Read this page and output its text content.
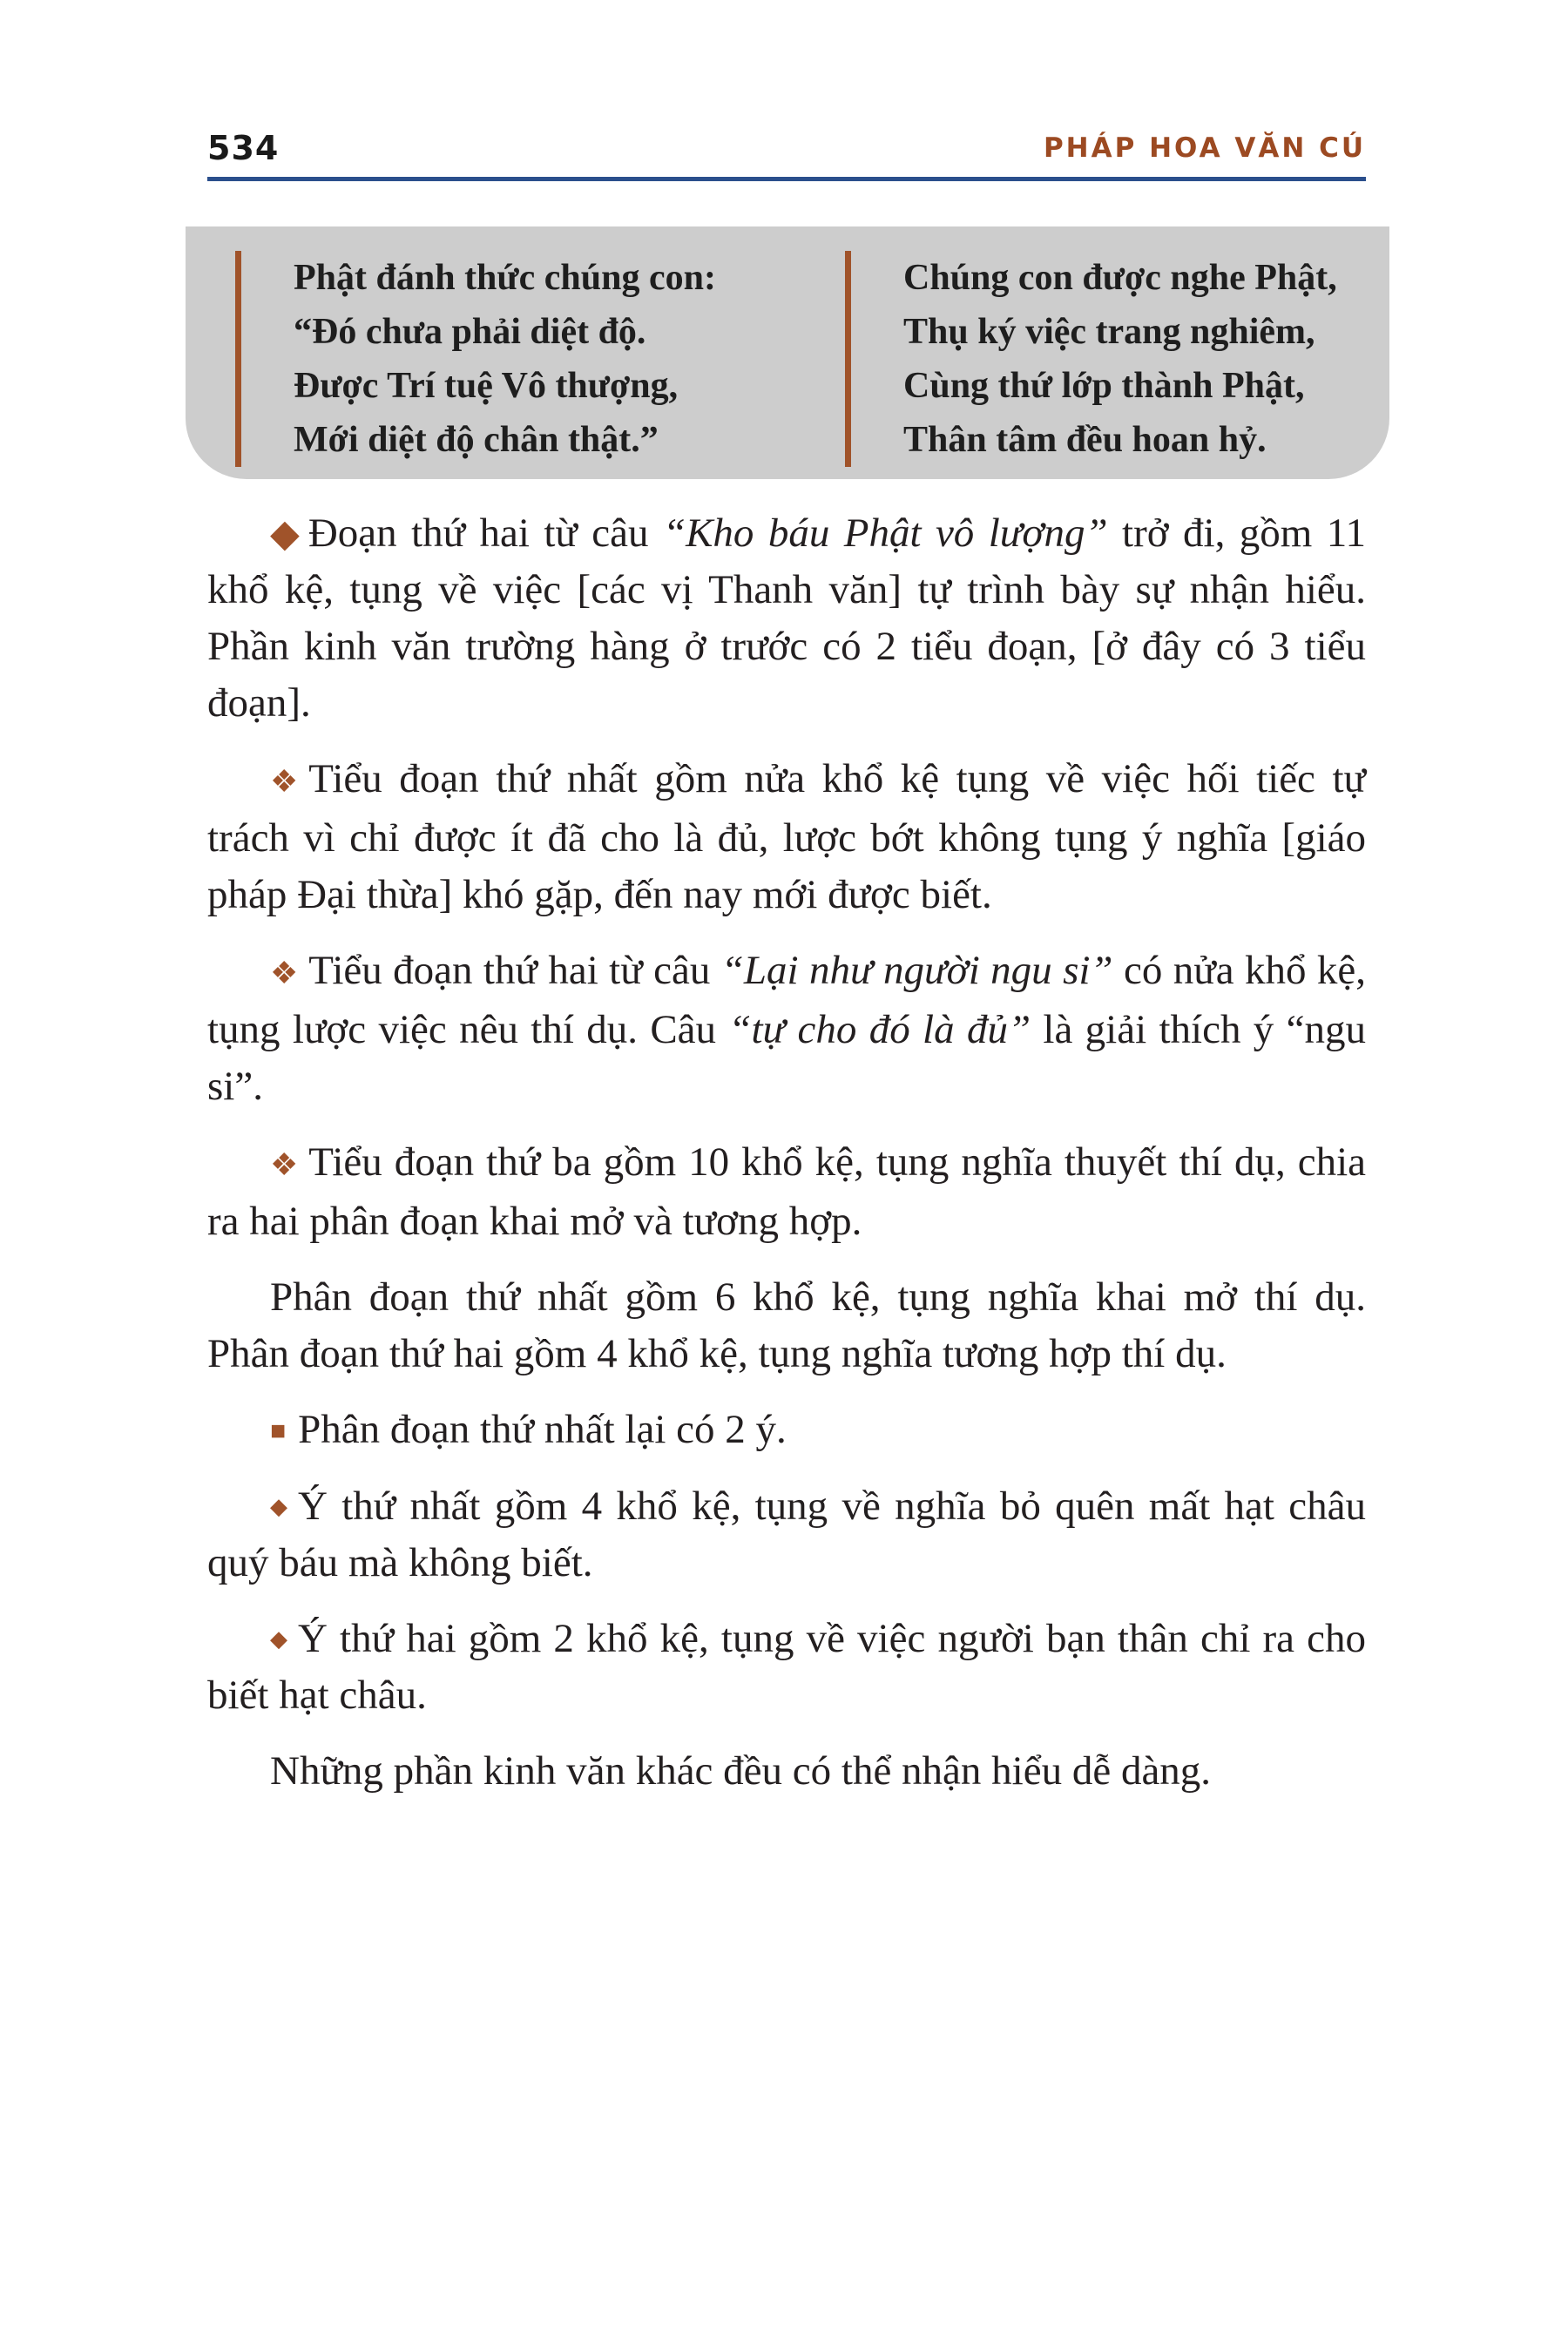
534	PHÁP HOA VĂN CÚ
Phật đánh thức chúng con:
“Đó chưa phải diệt độ.
Được Trí tuệ Vô thượng,
Mới diệt độ chân thật.”
Chúng con được nghe Phật,
Thụ ký việc trang nghiêm,
Cùng thứ lớp thành Phật,
Thân tâm đều hoan hỷ.

◆ Đoạn thứ hai từ câu “Kho báu Phật vô lượng” trở đi, gồm 11 khổ kệ, tụng về việc [các vị Thanh văn] tự trình bày sự nhận hiểu. Phần kinh văn trường hàng ở trước có 2 tiểu đoạn, [ở đây có 3 tiểu đoạn].

❖ Tiểu đoạn thứ nhất gồm nửa khổ kệ tụng về việc hối tiếc tự trách vì chỉ được ít đã cho là đủ, lược bớt không tụng ý nghĩa [giáo pháp Đại thừa] khó gặp, đến nay mới được biết.

❖ Tiểu đoạn thứ hai từ câu “Lại như người ngu si” có nửa khổ kệ, tụng lược việc nêu thí dụ. Câu “tự cho đó là đủ” là giải thích ý “ngu si”.

❖ Tiểu đoạn thứ ba gồm 10 khổ kệ, tụng nghĩa thuyết thí dụ, chia ra hai phân đoạn khai mở và tương hợp.

Phân đoạn thứ nhất gồm 6 khổ kệ, tụng nghĩa khai mở thí dụ. Phân đoạn thứ hai gồm 4 khổ kệ, tụng nghĩa tương hợp thí dụ.

■ Phân đoạn thứ nhất lại có 2 ý.

◆ Ý thứ nhất gồm 4 khổ kệ, tụng về nghĩa bỏ quên mất hạt châu quý báu mà không biết.

◆ Ý thứ hai gồm 2 khổ kệ, tụng về việc người bạn thân chỉ ra cho biết hạt châu.

Những phần kinh văn khác đều có thể nhận hiểu dễ dàng.
